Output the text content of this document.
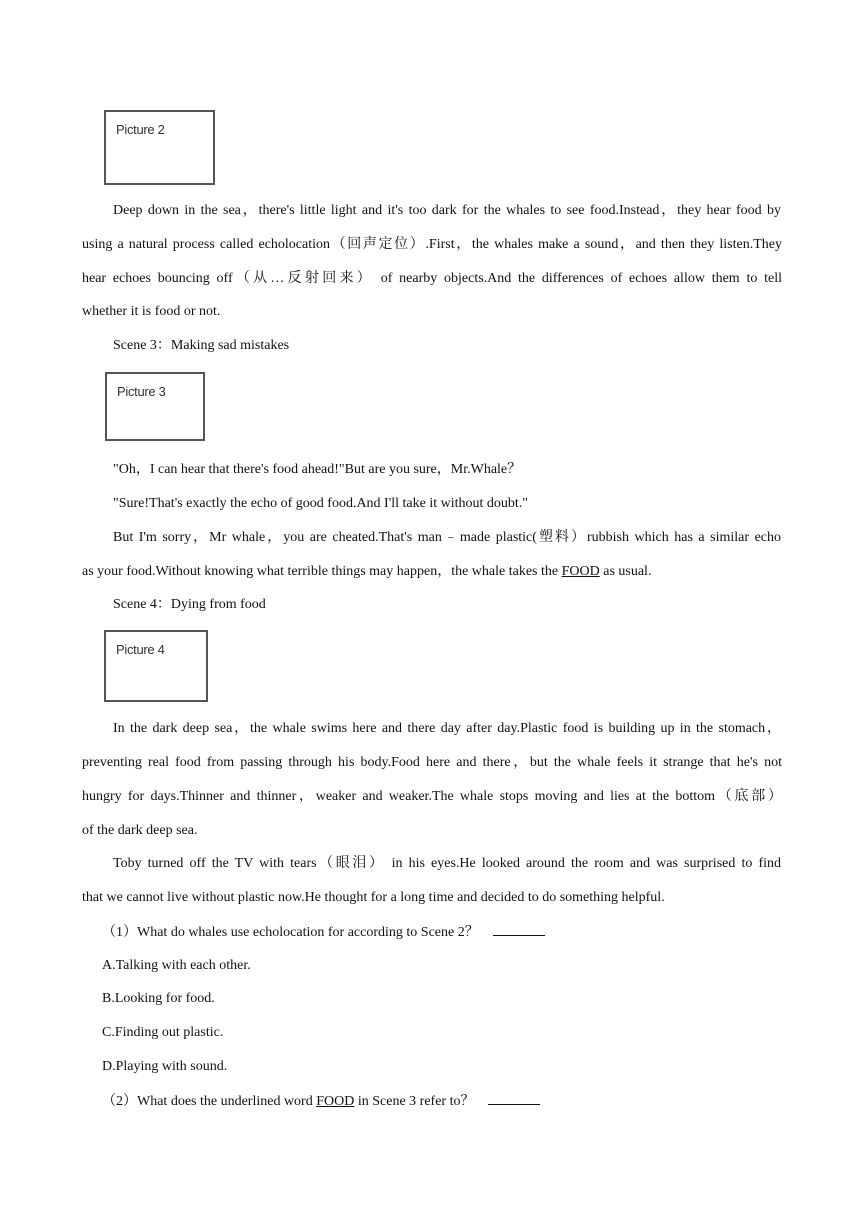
Picture 2
Deep down in the sea，there's little light and it's too dark for the whales to see food.Instead，they hear food by
using a natural process called echolocation（回声定位）.First，the whales make a sound，and then they listen.They
hear echoes bouncing off（从…反射回来） of nearby objects.And the differences of echoes allow them to tell
whether it is food or not.
Scene 3：Making sad mistakes
Picture 3
"Oh，I can hear that there's food ahead!"But are you sure，Mr.Whale？
"Sure!That's exactly the echo of good food.And I'll take it without doubt."
But I'm sorry，Mr whale，you are cheated.That's man﹣made plastic(塑料）rubbish which has a similar echo
as your food.Without knowing what terrible things may happen，the whale takes the FOOD as usual.
Scene 4：Dying from food
Picture 4
In the dark deep sea，the whale swims here and there day after day.Plastic food is building up in the stomach，
preventing real food from passing through his body.Food here and there，but the whale feels it strange that he's not
hungry for days.Thinner and thinner，weaker and weaker.The whale stops moving and lies at the bottom（底部）
of the dark deep sea.
Toby turned off the TV with tears（眼泪） in his eyes.He looked around the room and was surprised to find
that we cannot live without plastic now.He thought for a long time and decided to do something helpful.
（1）What do whales use echolocation for according to Scene 2？
A.Talking with each other.
B.Looking for food.
C.Finding out plastic.
D.Playing with sound.
（2）What does the underlined word FOOD in Scene 3 refer to？
